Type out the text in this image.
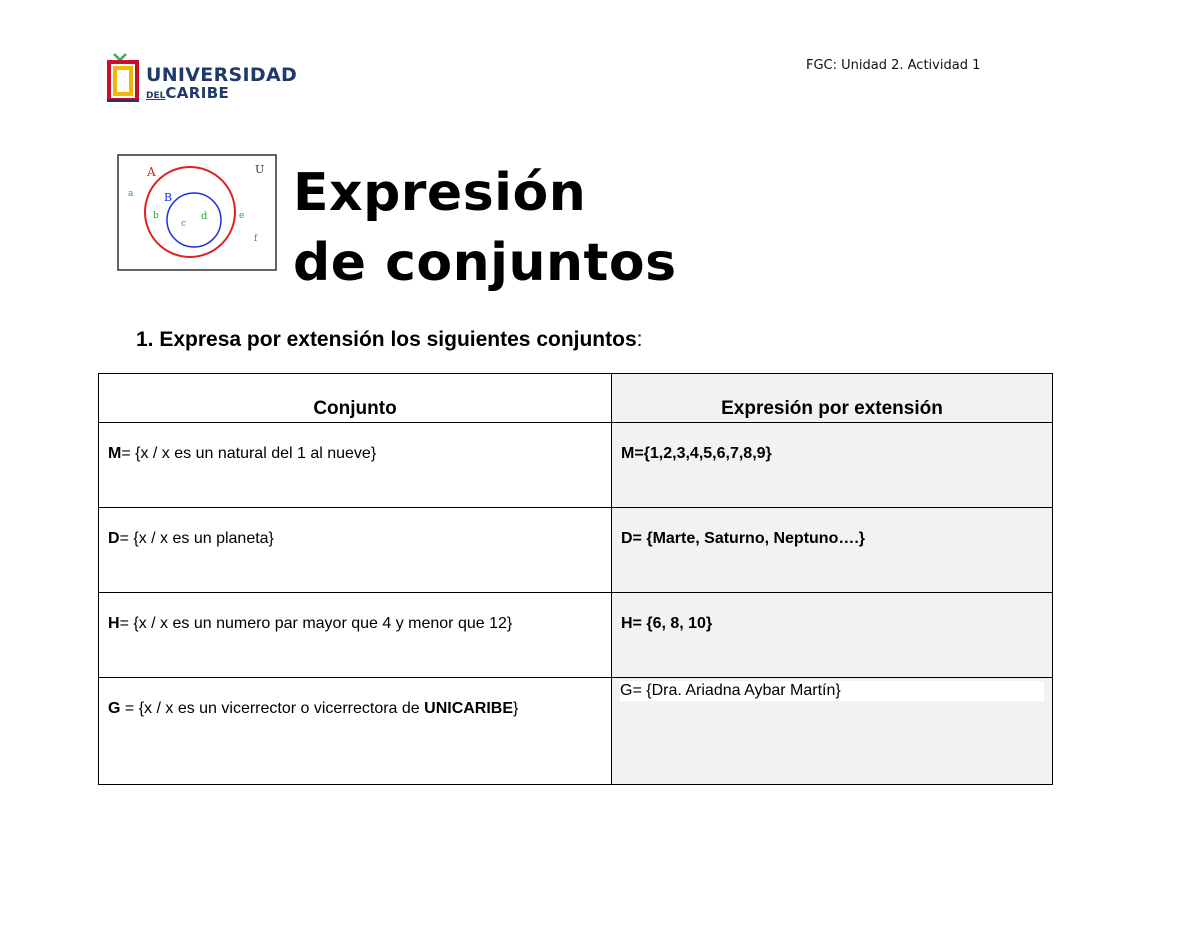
UNIVERSIDAD
DELCARIBE
FGC: Unidad 2. Actividad 1
U
A
B
a
b
c
d	e
f
Expresión
de conjuntos
1. Expresa por extensión los siguientes conjuntos:
Conjunto	Expresión por extensión

M= {x / x es un natural del 1 al nueve}	M={1,2,3,4,5,6,7,8,9}

D= {x / x es un planeta}	D= {Marte, Saturno, Neptuno….}

H= {x / x es un numero par mayor que 4 y menor que 12}	H= {6, 8, 10}

G = {x / x es un vicerrector o vicerrectora de UNICARIBE}	G= {Dra. Ariadna Aybar Martín}
